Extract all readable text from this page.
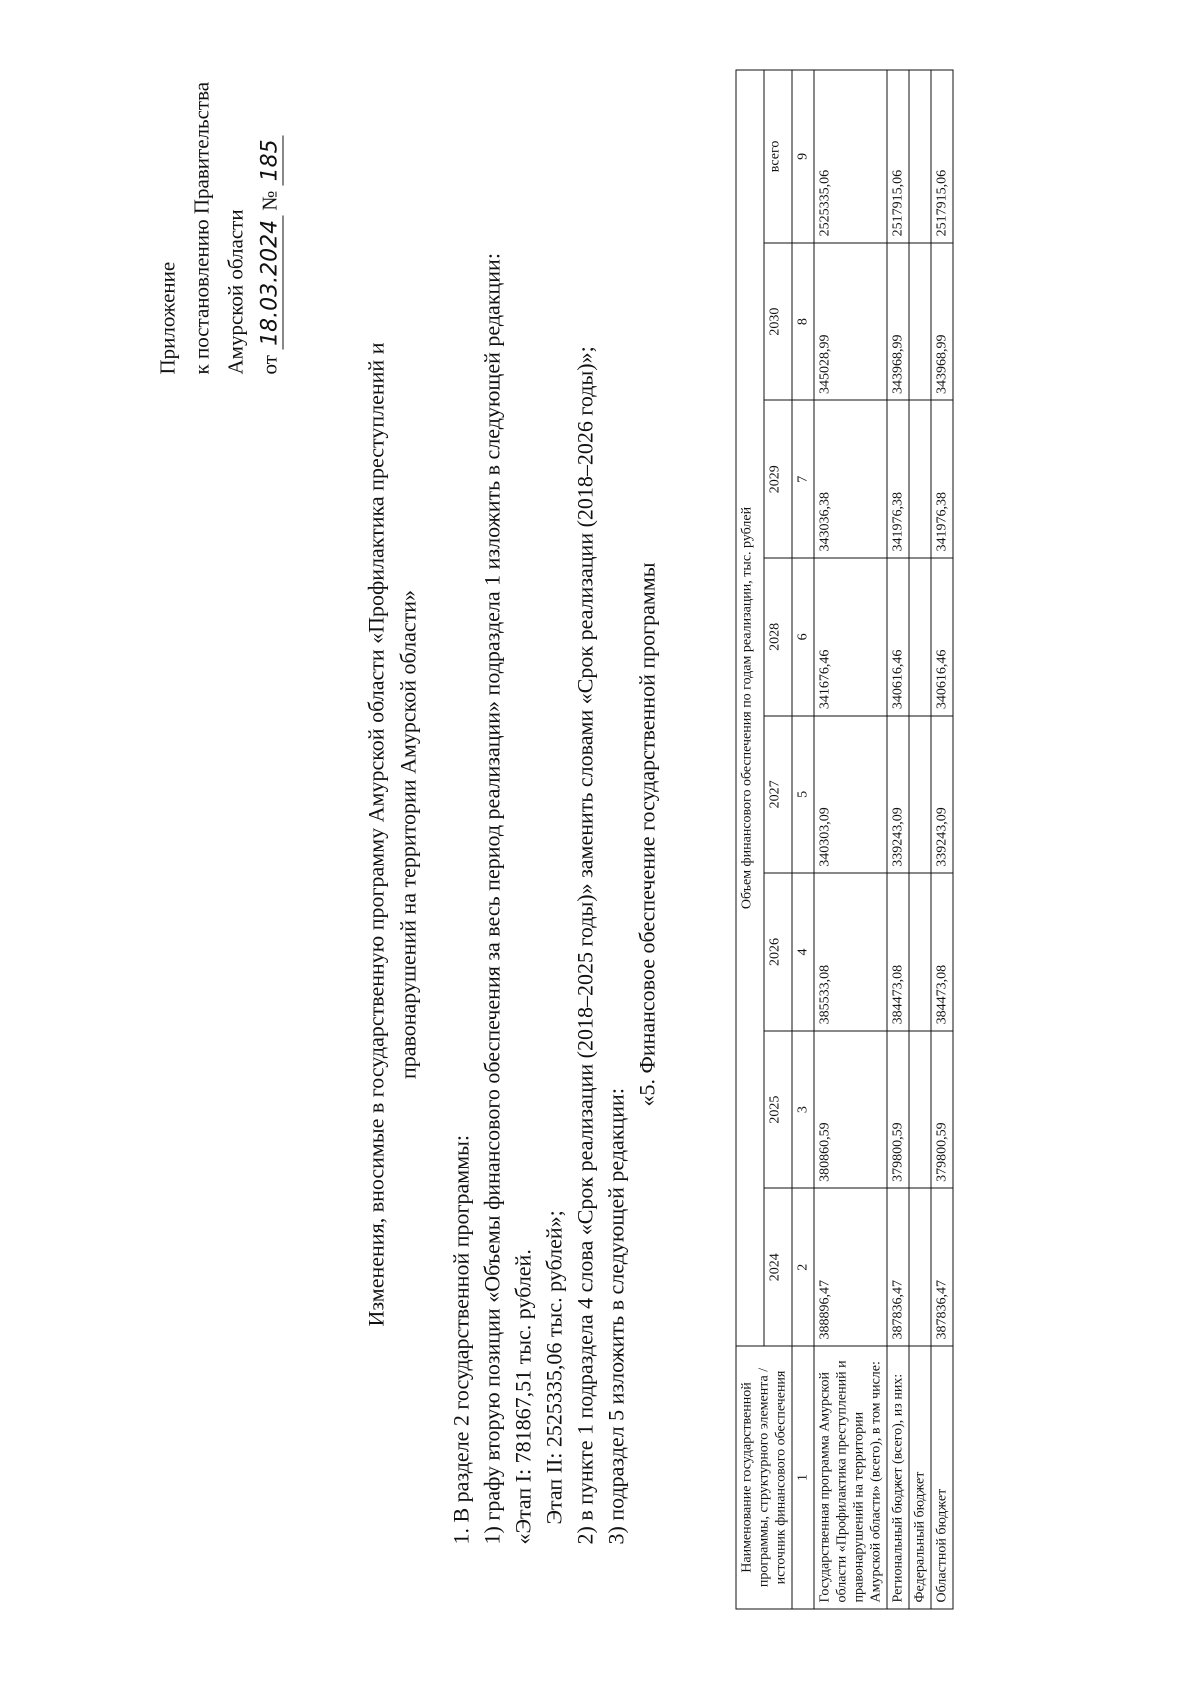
Приложение к постановлению Правительства Амурской области от 18.03.2024 № 185
Изменения, вносимые в государственную программу Амурской области «Профилактика преступлений и правонарушений на территории Амурской области»

1. В разделе 2 государственной программы: 1) графу вторую позиции «Объемы финансового обеспечения за весь период реализации» подраздела 1 изложить в следующей редакции: «Этап I: 781867,51 тыс. рублей. Этап II: 2525335,06 тыс. рублей»; 2) в пункте 1 подраздела 4 слова «Срок реализации (2018–2025 годы)» заменить словами «Срок реализации (2018–2026 годы)»; 3) подраздел 5 изложить в следующей редакции:

«5. Финансовое обеспечение государственной программы

Наименование государственной программы, структурного элемента / источник финансового обеспечения	Объем финансового обеспечения по годам реализации, тыс. рублей							
	2024	2025	2026	2027	2028	2029	2030	всего
1	2	3	4	5	6	7	8	9
Государственная программа Амурской области «Профилактика преступлений и правонарушений на территории Амурской области» (всего), в том числе:	388896,47	380860,59	385533,08	340303,09	341676,46	343036,38	345028,99	2525335,06
Региональный бюджет (всего), из них:	387836,47	379800,59	384473,08	339243,09	340616,46	341976,38	343968,99	2517915,06
Федеральный бюджет								
Областной бюджет	387836,47	379800,59	384473,08	339243,09	340616,46	341976,38	343968,99	2517915,06
